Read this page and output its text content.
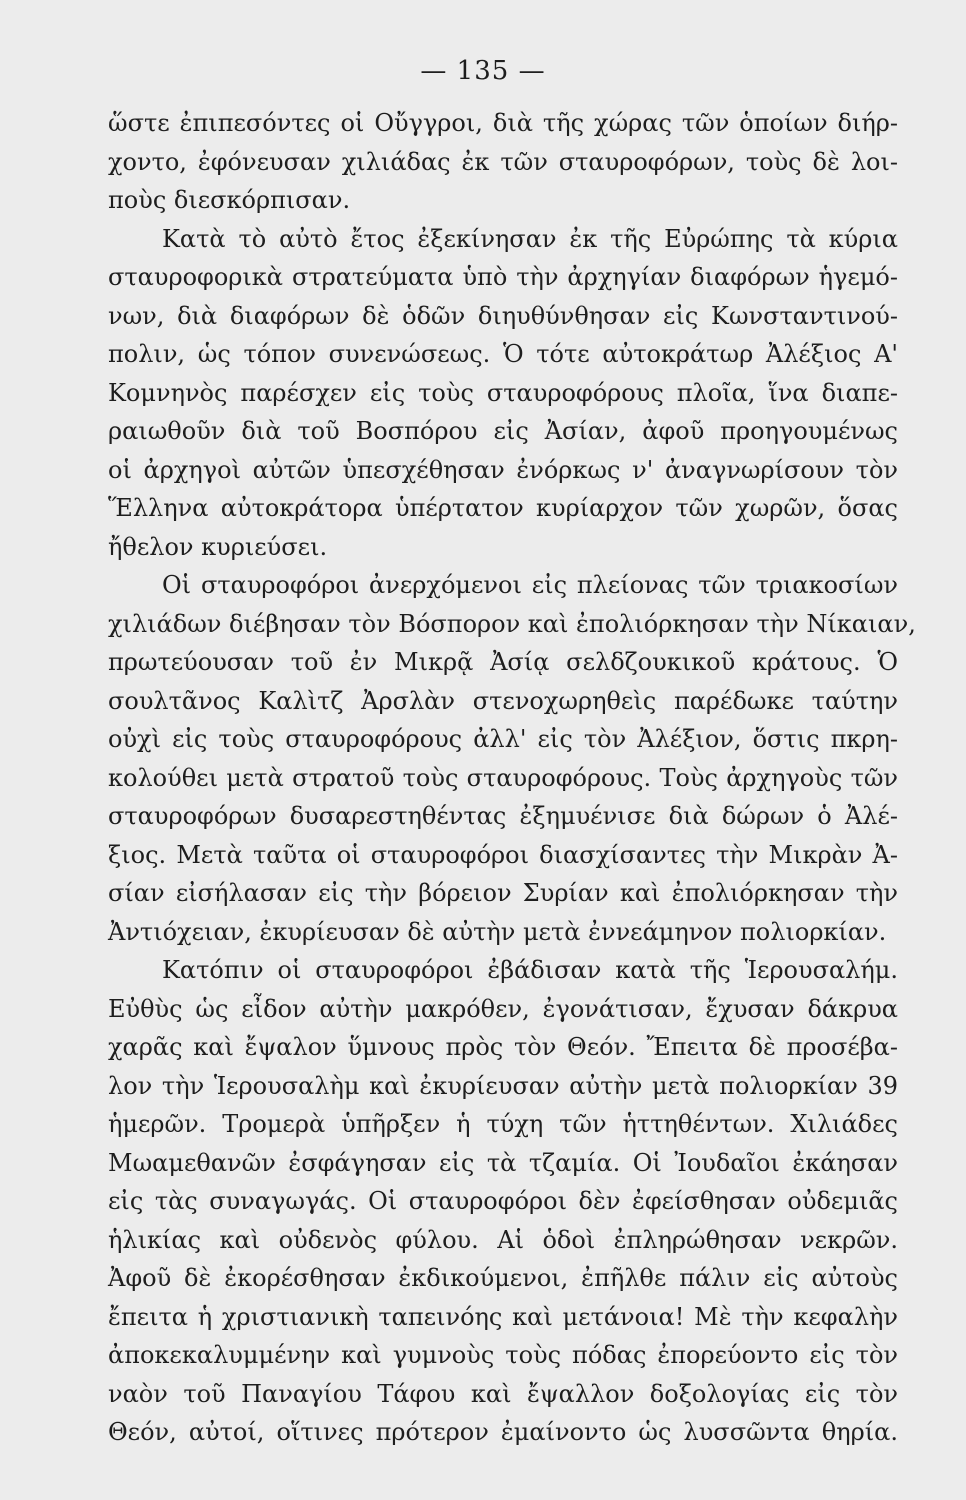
— 135 —
ὥστε ἐπιπεσόντες οἱ Οὔγγροι, διὰ τῆς χώρας τῶν ὁποίων διήρ-
χοντο, ἐφόνευσαν χιλιάδας ἐκ τῶν σταυροφόρων, τοὺς δὲ λοι-
ποὺς διεσκόρπισαν.
Κατὰ τὸ αὐτὸ ἔτος ἐξεκίνησαν ἐκ τῆς Εὐρώπης τὰ κύρια
σταυροφορικὰ στρατεύματα ὑπὸ τὴν ἀρχηγίαν διαφόρων ἡγεμό-
νων, διὰ διαφόρων δὲ ὁδῶν διηυθύνθησαν εἰς Κωνσταντινού-
πολιν, ὡς τόπον συνενώσεως. Ὁ τότε αὐτοκράτωρ Ἀλέξιος Α'
Κομνηνὸς παρέσχεν εἰς τοὺς σταυροφόρους πλοῖα, ἵνα διαπε-
ραιωθοῦν διὰ τοῦ Βοσπόρου εἰς Ἀσίαν, ἀφοῦ προηγουμένως
οἱ ἀρχηγοὶ αὐτῶν ὑπεσχέθησαν ἐνόρκως ν' ἀναγνωρίσουν τὸν
Ἕλληνα αὐτοκράτορα ὑπέρτατον κυρίαρχον τῶν χωρῶν, ὅσας
ἤθελον κυριεύσει.
Οἱ σταυροφόροι ἀνερχόμενοι εἰς πλείονας τῶν τριακοσίων
χιλιάδων διέβησαν τὸν Βόσπορον καὶ ἐπολιόρκησαν τὴν Νίκαιαν,
πρωτεύουσαν τοῦ ἐν Μικρᾷ Ἀσίᾳ σελδζουκικοῦ κράτους. Ὁ
σουλτᾶνος Καλὶτζ Ἀρσλὰν στενοχωρηθεὶς παρέδωκε ταύτην
οὐχὶ εἰς τοὺς σταυροφόρους ἀλλ' εἰς τὸν Ἀλέξιον, ὅστις πκρη-
κολούθει μετὰ στρατοῦ τοὺς σταυροφόρους. Τοὺς ἀρχηγοὺς τῶν
σταυροφόρων δυσαρεστηθέντας ἐξημυένισε διὰ δώρων ὁ Ἀλέ-
ξιος. Μετὰ ταῦτα οἱ σταυροφόροι διασχίσαντες τὴν Μικρὰν Ἀ-
σίαν εἰσήλασαν εἰς τὴν βόρειον Συρίαν καὶ ἐπολιόρκησαν τὴν
Ἀντιόχειαν, ἐκυρίευσαν δὲ αὐτὴν μετὰ ἐννεάμηνον πολιορκίαν.
Κατόπιν οἱ σταυροφόροι ἐβάδισαν κατὰ τῆς Ἱερουσαλήμ.
Εὐθὺς ὡς εἶδον αὐτὴν μακρόθεν, ἐγονάτισαν, ἔχυσαν δάκρυα
χαρᾶς καὶ ἔψαλον ὕμνους πρὸς τὸν Θεόν. Ἔπειτα δὲ προσέβα-
λον τὴν Ἱερουσαλὴμ καὶ ἐκυρίευσαν αὐτὴν μετὰ πολιορκίαν 39
ἡμερῶν. Τρομερὰ ὑπῆρξεν ἡ τύχη τῶν ἡττηθέντων. Χιλιάδες
Μωαμεθανῶν ἐσφάγησαν εἰς τὰ τζαμία. Οἱ Ἰουδαῖοι ἐκάησαν
εἰς τὰς συναγωγάς. Οἱ σταυροφόροι δὲν ἐφείσθησαν οὐδεμιᾶς
ἡλικίας καὶ οὐδενὸς φύλου. Αἱ ὁδοὶ ἐπληρώθησαν νεκρῶν.
Ἀφοῦ δὲ ἐκορέσθησαν ἐκδικούμενοι, ἐπῆλθε πάλιν εἰς αὐτοὺς
ἔπειτα ἡ χριστιανικὴ ταπεινόης καὶ μετάνοια! Μὲ τὴν κεφαλὴν
ἀποκεκαλυμμένην καὶ γυμνοὺς τοὺς πόδας ἐπορεύοντο εἰς τὸν
ναὸν τοῦ Παναγίου Τάφου καὶ ἔψαλλον δοξολογίας εἰς τὸν
Θεόν, αὐτοί, οἵτινες πρότερον ἐμαίνοντο ὡς λυσσῶντα θηρία.
